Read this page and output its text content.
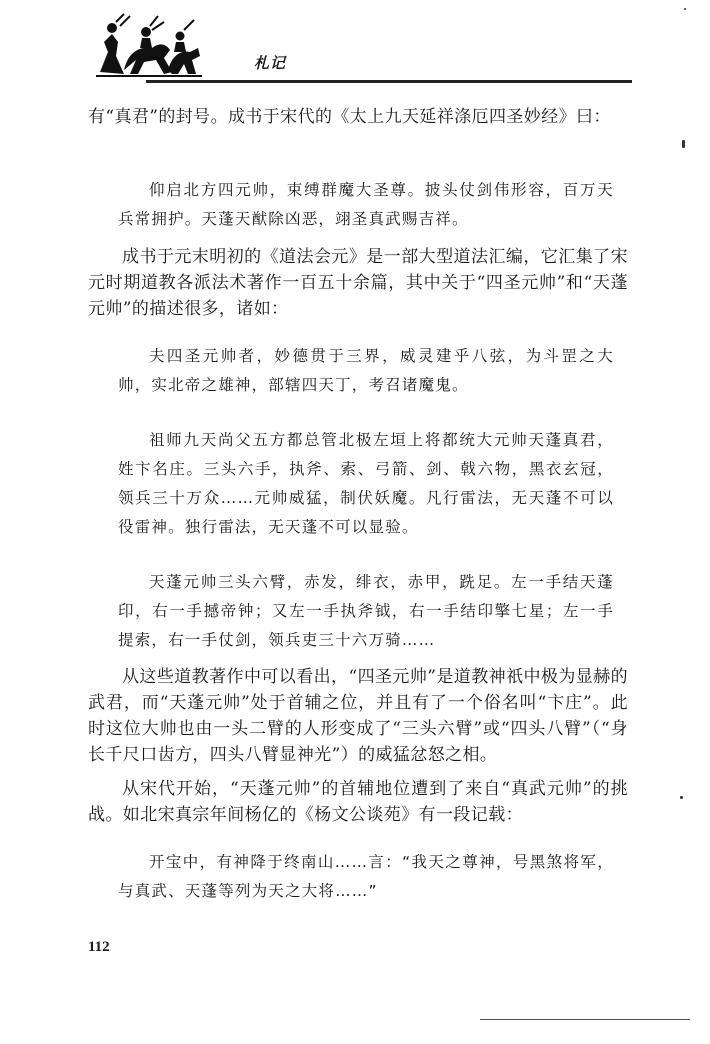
札记

有“真君”的封号。成书于宋代的《太上九天延祥涤厄四圣妙经》曰：

仰启北方四元帅，束缚群魔大圣尊。披头仗剑伟形容，百万天兵常拥护。天蓬天猷除凶恶，翊圣真武赐吉祥。

成书于元末明初的《道法会元》是一部大型道法汇编，它汇集了宋元时期道教各派法术著作一百五十余篇，其中关于“四圣元帅”和“天蓬元帅”的描述很多，诸如：

夫四圣元帅者，妙德贯于三界，威灵建乎八弦，为斗罡之大帅，实北帝之雄神，部辖四天丁，考召诸魔鬼。

祖师九天尚父五方都总管北极左垣上将都统大元帅天蓬真君，姓卞名庄。三头六手，执斧、索、弓箭、剑、戟六物，黑衣玄冠，领兵三十万众……元帅威猛，制伏妖魔。凡行雷法，无天蓬不可以役雷神。独行雷法，无天蓬不可以显验。

天蓬元帅三头六臂，赤发，绯衣，赤甲，跣足。左一手结天蓬印，右一手撼帝钟；又左一手执斧钺，右一手结印擎七星；左一手提索，右一手仗剑，领兵吏三十六万骑……

从这些道教著作中可以看出，“四圣元帅”是道教神祇中极为显赫的武君，而“天蓬元帅”处于首辅之位，并且有了一个俗名叫“卞庄”。此时这位大帅也由一头二臂的人形变成了“三头六臂”或“四头八臂”（“身长千尺口齿方，四头八臂显神光”）的威猛忿怒之相。

从宋代开始，“天蓬元帅”的首辅地位遭到了来自“真武元帅”的挑战。如北宋真宗年间杨亿的《杨文公谈苑》有一段记载：

开宝中，有神降于终南山……言：“我天之尊神，号黑煞将军，与真武、天蓬等列为天之大将……”

112
